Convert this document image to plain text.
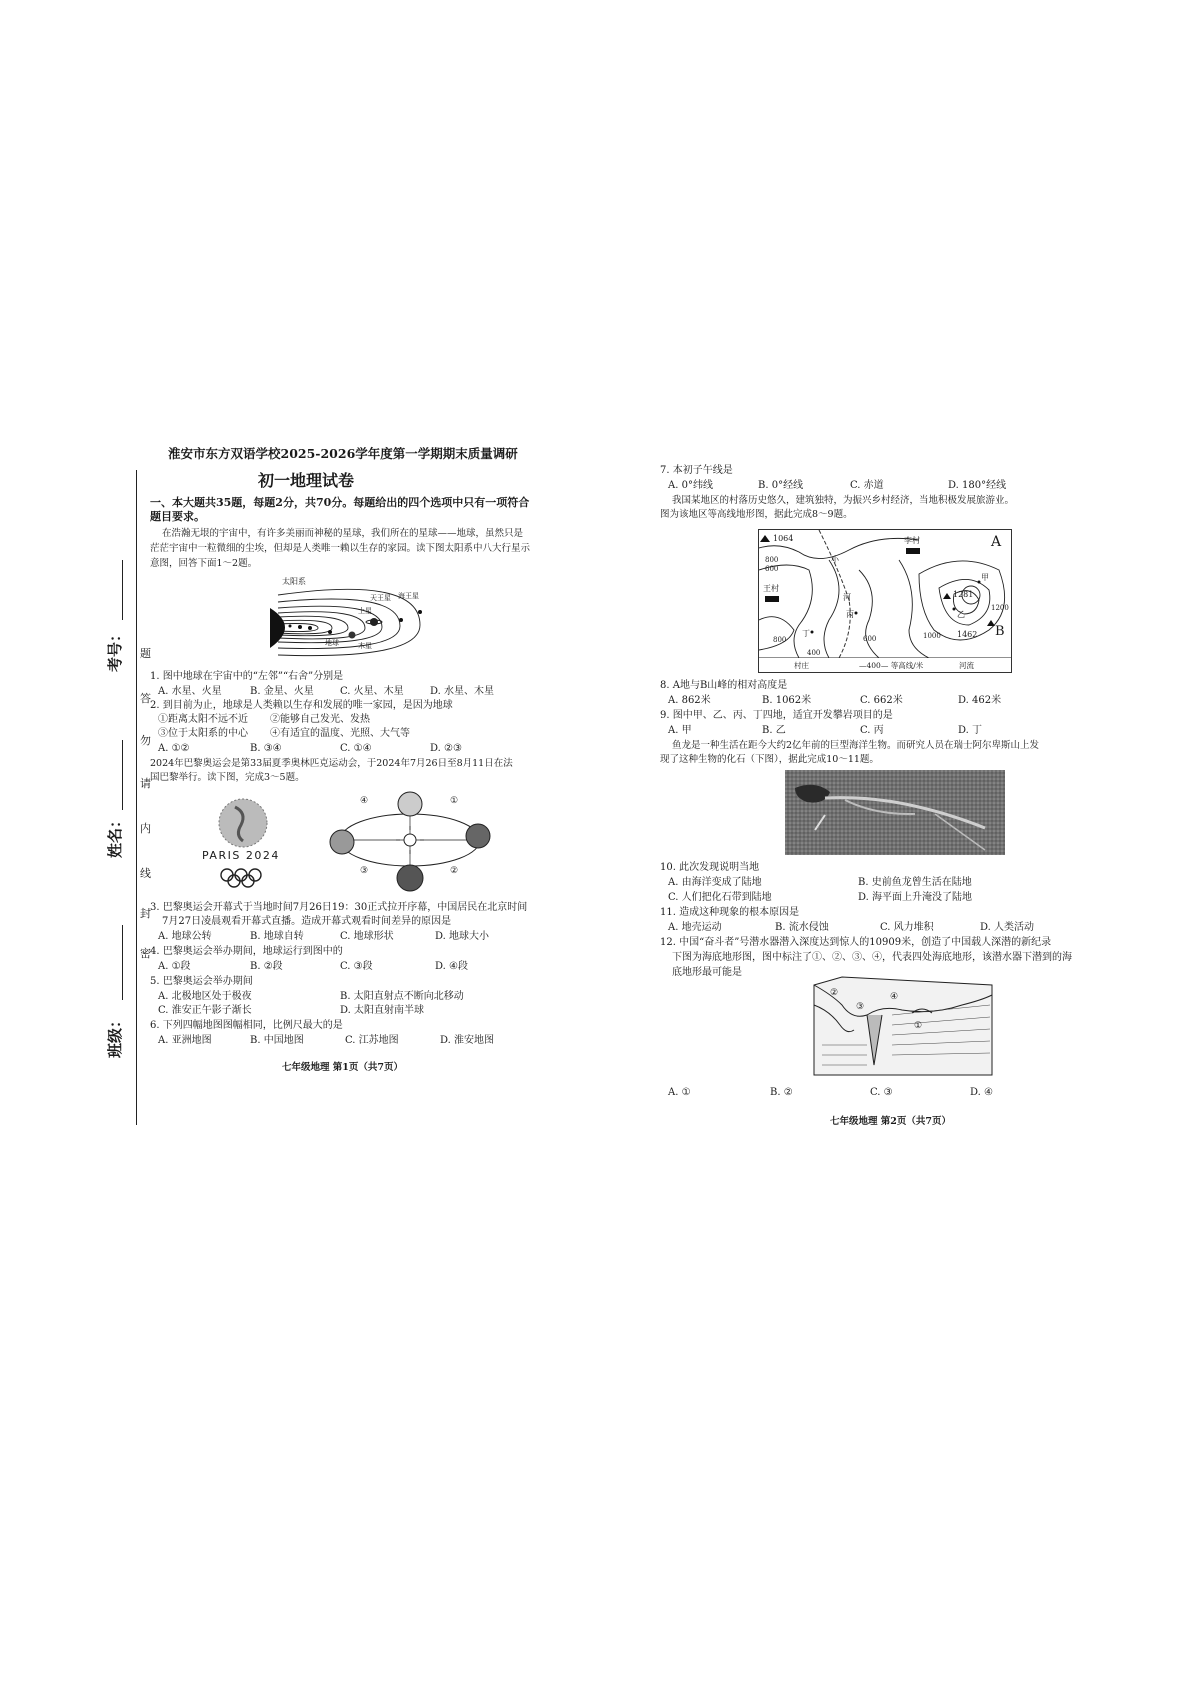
题
答
勿
请
内
线
封
密
考号：
姓名：
班级：
淮安市东方双语学校2025-2026学年度第一学期期末质量调研
初一地理试卷
一、本大题共35题，每题2分，共70分。每题给出的四个选项中只有一项符合
题目要求。
在浩瀚无垠的宇宙中，有许多美丽而神秘的星球，我们所在的星球——地球，虽然只是
茫茫宇宙中一粒微细的尘埃，但却是人类唯一赖以生存的家园。读下图太阳系中八大行星示
意图，回答下面1～2题。
太阳系
海王星
天王星
土星
木星
地球
1. 图中地球在宇宙中的“左邻”“右舍”分别是
A. 水星、火星	B. 金星、火星	C. 火星、木星	D. 水星、木星
2. 到目前为止，地球是人类赖以生存和发展的唯一家园，是因为地球
①距离太阳不远不近 ②能够自己发光、发热
③位于太阳系的中心 ④有适宜的温度、光照、大气等
A. ①②	B. ③④	C. ①④	D. ②③
2024年巴黎奥运会是第33届夏季奥林匹克运动会，于2024年7月26日至8月11日在法
国巴黎举行。读下图，完成3～5题。
PARIS 2024
④	①
③	②
3. 巴黎奥运会开幕式于当地时间7月26日19：30正式拉开序幕，中国居民在北京时间
7月27日凌晨观看开幕式直播。造成开幕式观看时间差异的原因是
A. 地球公转	B. 地球自转	C. 地球形状	D. 地球大小
4. 巴黎奥运会举办期间，地球运行到图中的
A. ①段	B. ②段	C. ③段	D. ④段
5. 巴黎奥运会举办期间
A. 北极地区处于极夜	B. 太阳直射点不断向北移动
C. 淮安正午影子渐长	D. 太阳直射南半球
6. 下列四幅地图图幅相同，比例尺最大的是
A. 亚洲地图	B. 中国地图	C. 江苏地图	D. 淮安地图
七年级地理 第1页（共7页）
7. 本初子午线是
A. 0°纬线	B. 0°经线	C. 赤道	D. 180°经线
我国某地区的村落历史悠久，建筑独特，为振兴乡村经济，当地积极发展旅游业。
图为该地区等高线地形图，据此完成8～9题。
1064
1281
1462
李村
王村
A
B
甲
乙
丙
丁
800
600
400
800	600	1000
1200
小
河
村庄	—400— 等高线/米	河流
8. A地与B山峰的相对高度是
A. 862米	B. 1062米	C. 662米	D. 462米
9. 图中甲、乙、丙、丁四地，适宜开发攀岩项目的是
A. 甲	B. 乙	C. 丙	D. 丁
鱼龙是一种生活在距今大约2亿年前的巨型海洋生物。而研究人员在瑞士阿尔卑斯山上发
现了这种生物的化石（下图），据此完成10～11题。
10. 此次发现说明当地
A. 由海洋变成了陆地	B. 史前鱼龙曾生活在陆地
C. 人们把化石带到陆地	D. 海平面上升淹没了陆地
11. 造成这种现象的根本原因是
A. 地壳运动	B. 流水侵蚀	C. 风力堆积	D. 人类活动
12. 中国“奋斗者”号潜水器潜入深度达到惊人的10909米，创造了中国载人深潜的新纪录
下图为海底地形图，图中标注了①、②、③、④，代表四处海底地形，该潜水器下潜到的海
底地形最可能是
②
③
④
①
A. ①	B. ②	C. ③	D. ④
七年级地理 第2页（共7页）
